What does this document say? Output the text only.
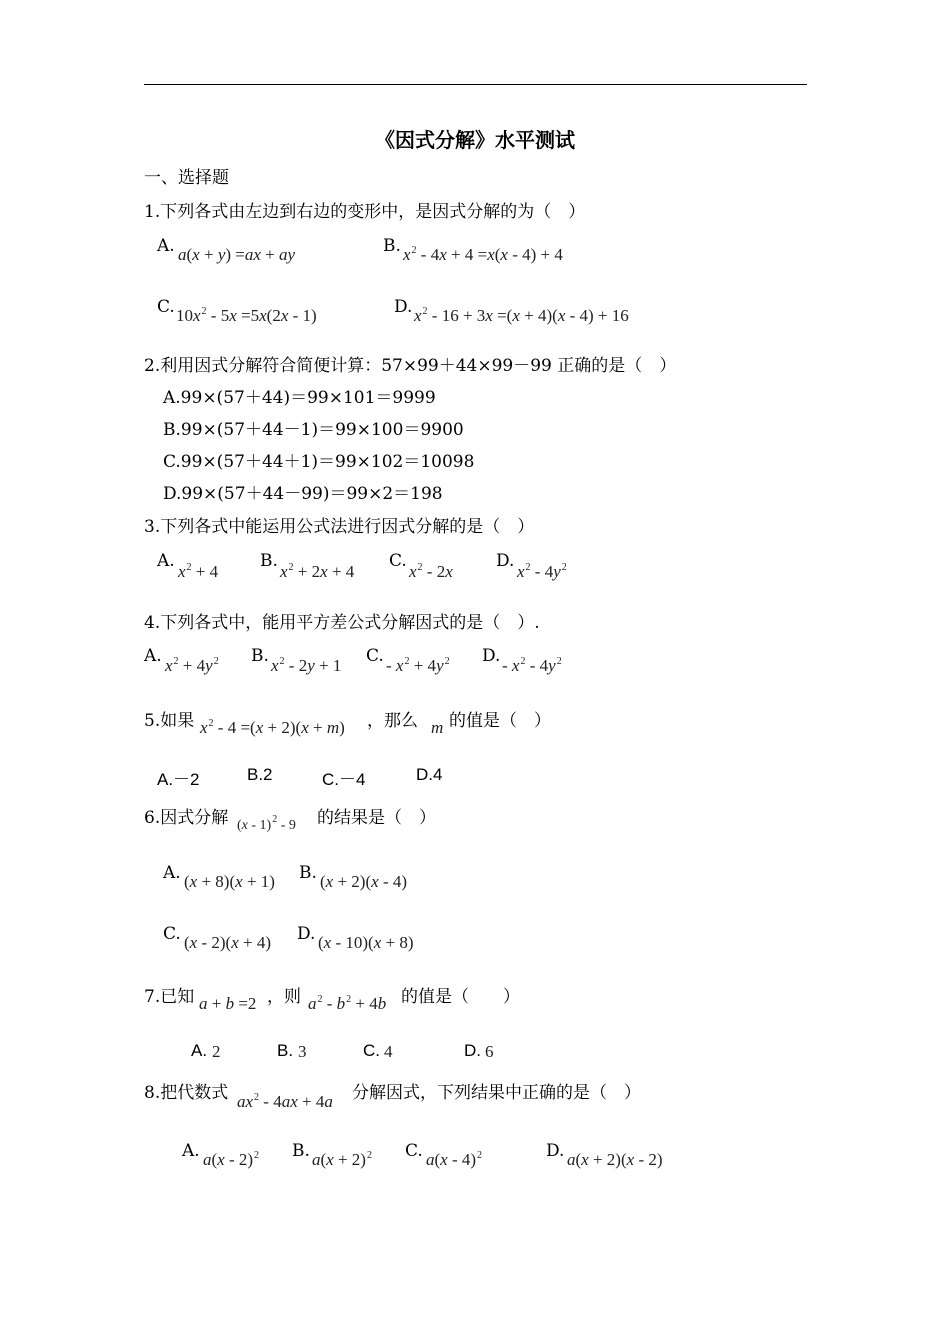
《因式分解》水平测试
一、选择题
1.下列各式由左边到右边的变形中，是因式分解的为（　）
A. a(x + y) =ax + ay	B. $x^2 - 4x + 4 =x(x - 4) + 4$
C. $10x^2 - 5x =5x(2x - 1)$	D. $x^2 - 16 + 3x =(x + 4)(x - 4) + 16$
2.利用因式分解符合简便计算：57×99＋44×99－99 正确的是（　）
A.99×(57＋44)＝99×101＝9999
B.99×(57＋44－1)＝99×100＝9900
C.99×(57＋44＋1)＝99×102＝10098
D.99×(57＋44－99)＝99×2＝198
3.下列各式中能运用公式法进行因式分解的是（　）
A.
$x^2 + 4$
B.
$x^2 + 2x + 4$
C.
$x^2 - 2x$
D.
$x^2 - 4y^2$
4.下列各式中，能用平方差公式分解因式的是（　）.
A. $x^2 + 4y^2$ B. $x^2 - 2y + 1$ C. - $x^2 + 4y^2$ D. - $x^2 - 4y^2$
5.如果 $x^2 - 4 =(x + 2)(x + m)$ ，那么 m 的值是（　）
A.－2	B.2	C.－4	D.4
6.因式分解 (x - 1)$^2$ - 9 的结果是（　）
A. (x + 8)(x + 1) B. (x + 2)(x - 4)
C. (x - 2)(x + 4) D. (x - 10)(x + 8)
7.已知 a + b =2 ，则 $a^2 - b^2 + 4b$ 的值是（　　）
A. 2	B. 3	C. 4	D. 6
8.把代数式 $ax^2 - 4ax + 4a$ 分解因式，下列结果中正确的是（　）
A. a(x - 2)$^2$ B. $a(x + 2)^2$ C. a(x - 4)$^2$	D. a(x + 2)(x - 2)
